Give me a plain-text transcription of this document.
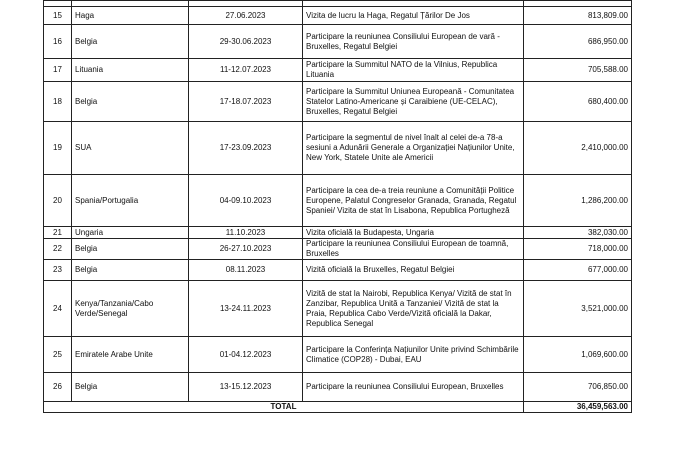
15	Haga	27.06.2023	Vizita de lucru la Haga, Regatul Țărilor De Jos	813,809.00
16	Belgia	29-30.06.2023	Participare la reuniunea Consiliului European de vară - Bruxelles, Regatul Belgiei	686,950.00
17	Lituania	11-12.07.2023	Participare la Summitul NATO de la Vilnius, Republica Lituania	705,588.00
18	Belgia	17-18.07.2023	Participare la Summitul Uniunea Europeană - Comunitatea Statelor Latino-Americane și Caraibiene (UE-CELAC), Bruxelles, Regatul Belgiei	680,400.00
19	SUA	17-23.09.2023	Participare la segmentul de nivel înalt al celei de-a 78-a sesiuni a Adunării Generale a Organizației Națiunilor Unite, New York, Statele Unite ale Americii	2,410,000.00
20	Spania/Portugalia	04-09.10.2023	Participare la cea de-a treia reuniune a Comunității Politice Europene, Palatul Congreselor Granada, Granada, Regatul Spaniei/ Vizita de stat în Lisabona, Republica Portugheză	1,286,200.00
21	Ungaria	11.10.2023	Vizita oficială la Budapesta, Ungaria	382,030.00
22	Belgia	26-27.10.2023	Participare la reuniunea Consiliului European de toamnă, Bruxelles	718,000.00
23	Belgia	08.11.2023	Vizită oficială la Bruxelles, Regatul Belgiei	677,000.00
24	Kenya/Tanzania/Cabo Verde/Senegal	13-24.11.2023	Vizită de stat la Nairobi, Republica Kenya/ Vizită de stat în Zanzibar, Republica Unită a Tanzaniei/ Vizită de stat la Praia, Republica Cabo Verde/Vizită oficială la Dakar, Republica Senegal	3,521,000.00
25	Emiratele Arabe Unite	01-04.12.2023	Participare la Conferința Națiunilor Unite privind Schimbările Climatice (COP28) - Dubai, EAU	1,069,600.00
26	Belgia	13-15.12.2023	Participare la reuniunea Consiliului European, Bruxelles	706,850.00
TOTAL				36,459,563.00
